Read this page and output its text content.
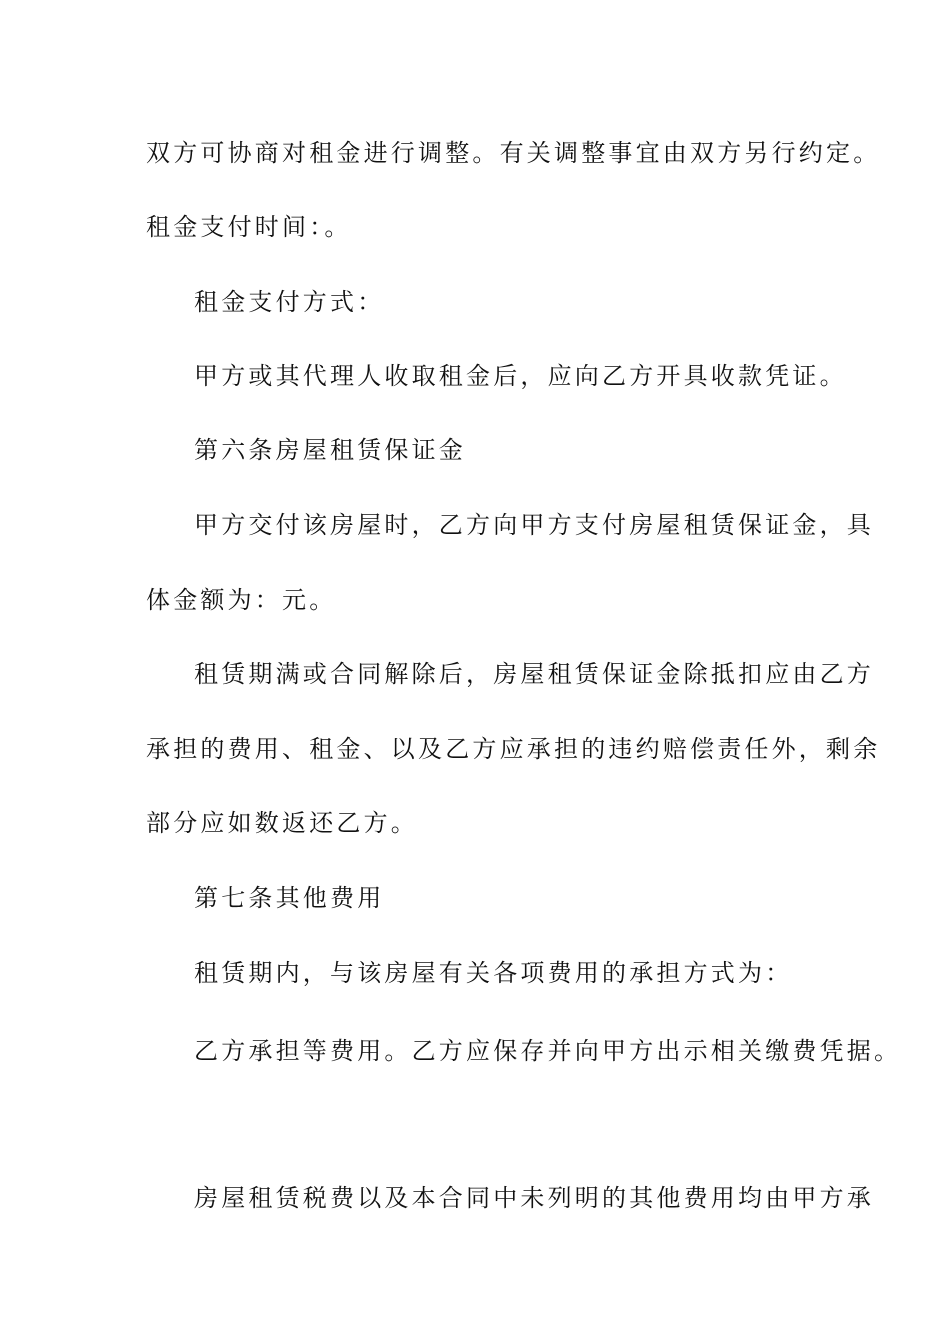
双方可协商对租金进行调整。有关调整事宜由双方另行约定。

租金支付时间：。

租金支付方式：

甲方或其代理人收取租金后，应向乙方开具收款凭证。

第六条房屋租赁保证金

甲方交付该房屋时，乙方向甲方支付房屋租赁保证金，具

体金额为：元。

租赁期满或合同解除后，房屋租赁保证金除抵扣应由乙方

承担的费用、租金、以及乙方应承担的违约赔偿责任外，剩余

部分应如数返还乙方。

第七条其他费用

租赁期内，与该房屋有关各项费用的承担方式为：

乙方承担等费用。乙方应保存并向甲方出示相关缴费凭据。

房屋租赁税费以及本合同中未列明的其他费用均由甲方承
